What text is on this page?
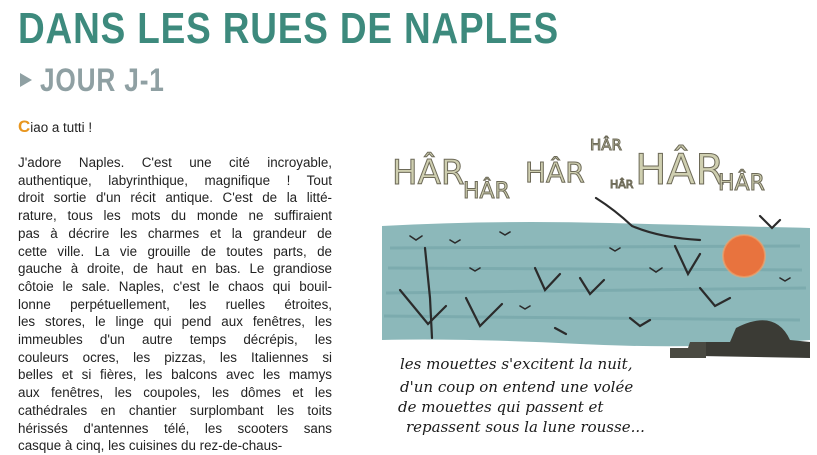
DANS LES RUES DE NAPLES
JOUR J-1
Ciao a tutti !
J'adore Naples. C'est une cité incroyable,
authentique, labyrinthique, magnifique ! Tout
droit sortie d'un récit antique. C'est de la litté-
rature, tous les mots du monde ne suffiraient
pas à décrire les charmes et la grandeur de
cette ville. La vie grouille de toutes parts, de
gauche à droite, de haut en bas. Le grandiose
côtoie le sale. Naples, c'est le chaos qui bouil-
lonne perpétuellement, les ruelles étroites,
les stores, le linge qui pend aux fenêtres, les
immeubles d'un autre temps décrépis, les
couleurs ocres, les pizzas, les Italiennes si
belles et si fières, les balcons avec les mamys
aux fenêtres, les coupoles, les dômes et les
cathédrales en chantier surplombant les toits
hérissés d'antennes télé, les scooters sans
casque à cinq, les cuisines du rez-de-chaus-
HÂR
HÂR
HÂR
HÂR
HÂR HÂR
HÂR
les mouettes s'excitent la nuit,
d'un coup on entend une volée
de mouettes qui passent et
repassent sous la lune rousse...
